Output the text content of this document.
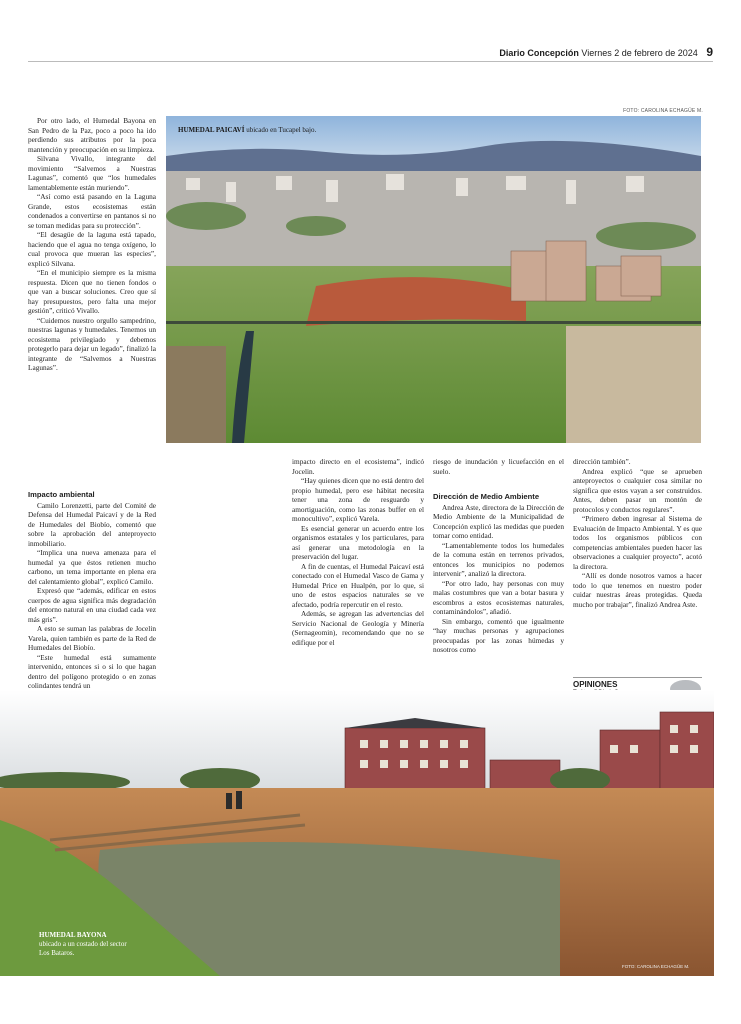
Diario Concepción Viernes 2 de febrero de 2024 9
FOTO: CAROLINA ECHAGÜE M.
HUMEDAL PAICAVÍ ubicado en Tucapel bajo.

Por otro lado, el Humedal Bayona en San Pedro de la Paz, poco a poco ha ido perdiendo sus atributos por la poca mantención y preocupación en su limpieza.

Silvana Vivallo, integrante del movimiento “Salvemos a Nuestras Lagunas”, comentó que “los humedales lamentablemente están muriendo”.

“Así como está pasando en la Laguna Grande, estos ecosistemas están condenados a convertirse en pantanos si no se toman medidas para su protección”.

“El desagüe de la laguna está tapado, haciendo que el agua no tenga oxígeno, lo cual provoca que mueran las especies”, explicó Silvana.

“En el municipio siempre es la misma respuesta. Dicen que no tienen fondos o que van a buscar soluciones. Creo que sí hay presupuestos, pero falta una mejor gestión”, criticó Vivallo.

“Cuidemos nuestro orgullo sampedrino, nuestras lagunas y humedales. Tenemos un ecosistema privilegiado y debemos protegerlo para dejar un legado”, finalizó la integrante de “Salvemos a Nuestras Lagunas”.

Impacto ambiental

Camilo Lorenzetti, parte del Comité de Defensa del Humedal Paicaví y de la Red de Humedales del Biobío, comentó que sobre la aprobación del anteproyecto inmobiliario.

“Implica una nueva amenaza para el humedal ya que éstos retienen mucho carbono, un tema importante en plena era del calentamiento global”, explicó Camilo.

Expresó que “además, edificar en estos cuerpos de agua significa más degradación del entorno natural en una ciudad cada vez más gris”.

A esto se suman las palabras de Jocelin Varela, quien también es parte de la Red de Humedales del Biobío.

“Este humedal está sumamente intervenido, entonces si o si lo que hagan dentro del polígono protegido o en zonas colindantes tendrá un

impacto directo en el ecosistema”, indicó Jocelin.

“Hay quienes dicen que no está dentro del propio humedal, pero ese hábitat necesita tener una zona de resguardo y amortiguación, como las zonas buffer en el monocultivo”, explicó Varela.

Es esencial generar un acuerdo entre los organismos estatales y los particulares, para así generar una metodología en la preservación del lugar.

A fin de cuentas, el Humedal Paicaví está conectado con el Humedal Vasco de Gama y Humedal Price en Hualpén, por lo que, si uno de estos espacios naturales se ve afectado, podría repercutir en el resto.

Además, se agregan las advertencias del Servicio Nacional de Geología y Minería (Sernageomin), recomendando que no se edifique por el

riesgo de inundación y licuefacción en el suelo.

Dirección de Medio Ambiente

Andrea Aste, directora de la Dirección de Medio Ambiente de la Municipalidad de Concepción explicó las medidas que pueden tomar como entidad.

“Lamentablemente todos los humedales de la comuna están en terrenos privados, entonces los municipios no podemos intervenir”, analizó la directora.

“Por otro lado, hay personas con muy malas costumbres que van a botar basura y escombros a estos ecosistemas naturales, contaminándolos”, añadió.

Sin embargo, comentó que igualmente “hay muchas personas y agrupaciones preocupadas por las zonas húmedas y nosotros como

dirección también”.

Andrea explicó “que se aprueben anteproyectos o cualquier cosa similar no significa que estos vayan a ser construidos. Antes, deben pasar un montón de protocolos y conductos regulares”.

“Primero deben ingresar al Sistema de Evaluación de Impacto Ambiental. Y es que todos los organismos públicos con competencias ambientales pueden hacer las observaciones a cualquier proyecto”, acotó la directora.

“Allí es donde nosotros vamos a hacer todo lo que tenemos en nuestro poder cuidar nuestras áreas protegidas. Queda mucho por trabajar”, finalizó Andrea Aste.

OPINIONES
HUMEDAL BAYONA
ubicado a un costado del sector Los Bataros.
FOTO: CAROLINA ECHAGÜE M.
